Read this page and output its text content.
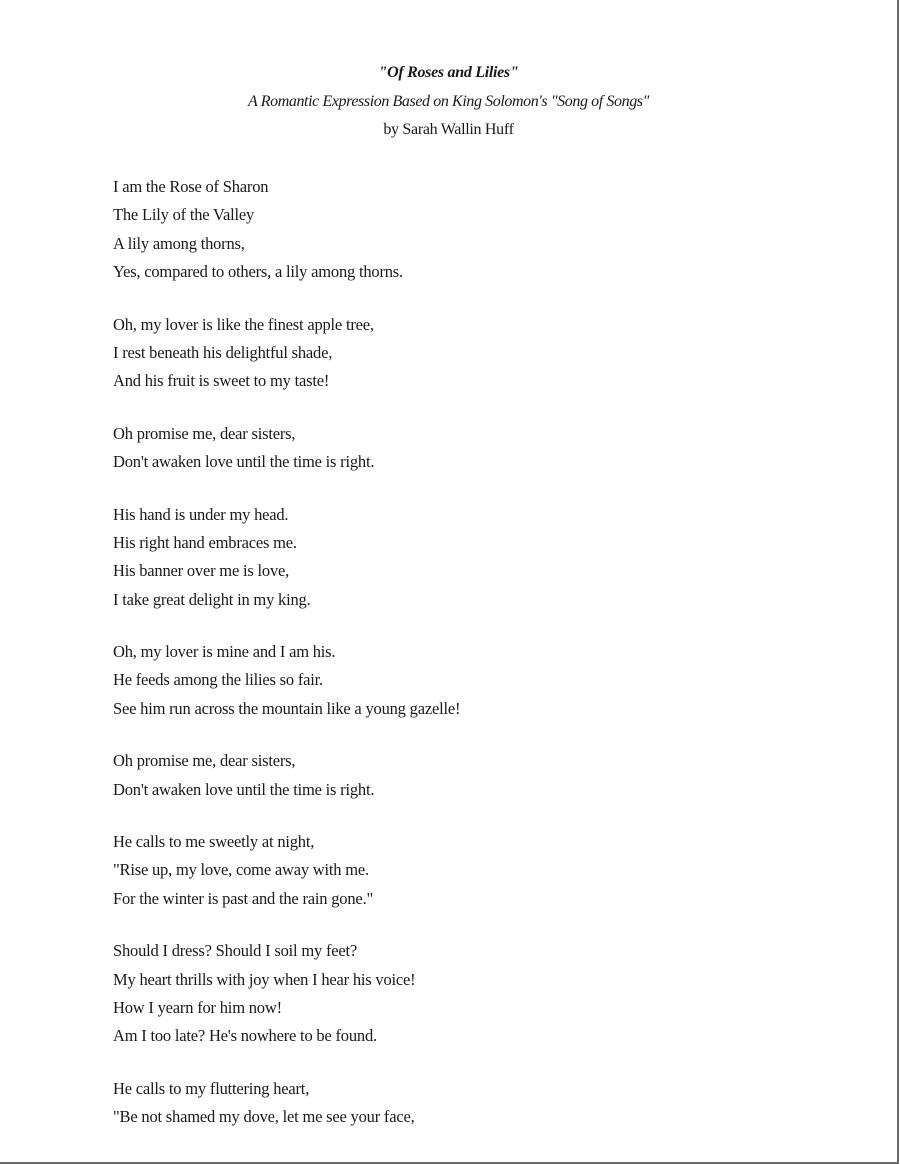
"Of Roses and Lilies"
A Romantic Expression Based on King Solomon's "Song of Songs"
by Sarah Wallin Huff
I am the Rose of Sharon
The Lily of the Valley
A lily among thorns,
Yes, compared to others, a lily among thorns.
Oh, my lover is like the finest apple tree,
I rest beneath his delightful shade,
And his fruit is sweet to my taste!
Oh promise me, dear sisters,
Don't awaken love until the time is right.
His hand is under my head.
His right hand embraces me.
His banner over me is love,
I take great delight in my king.
Oh, my lover is mine and I am his.
He feeds among the lilies so fair.
See him run across the mountain like a young gazelle!
Oh promise me, dear sisters,
Don't awaken love until the time is right.
He calls to me sweetly at night,
"Rise up, my love, come away with me.
For the winter is past and the rain gone."
Should I dress? Should I soil my feet?
My heart thrills with joy when I hear his voice!
How I yearn for him now!
Am I too late? He's nowhere to be found.
He calls to my fluttering heart,
"Be not shamed my dove, let me see your face,
